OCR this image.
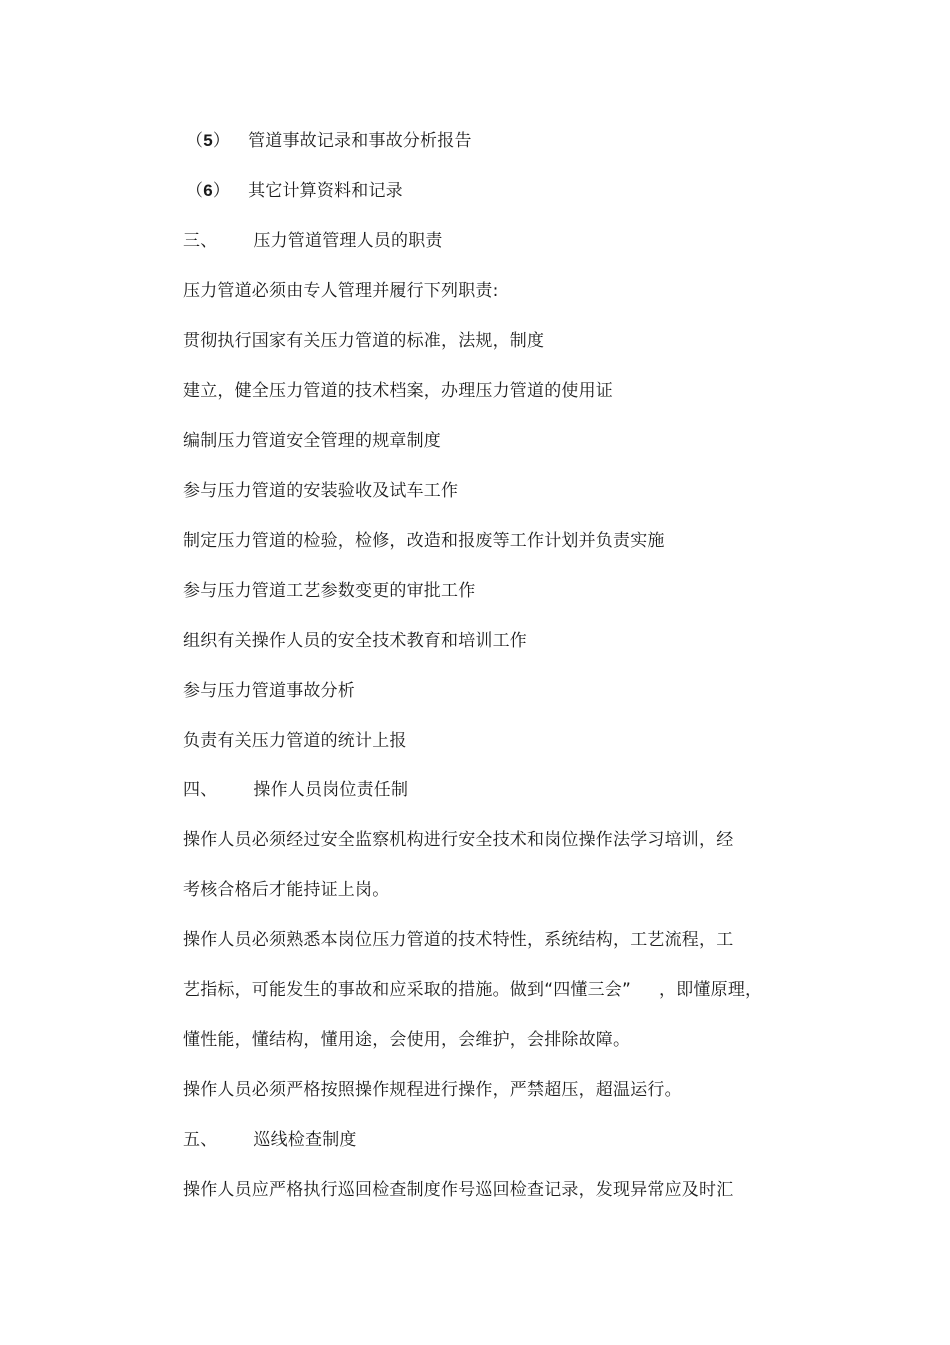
（5） 管道事故记录和事故分析报告
（6） 其它计算资料和记录
三、 压力管道管理人员的职责
压力管道必须由专人管理并履行下列职责:
贯彻执行国家有关压力管道的标准，法规，制度
建立，健全压力管道的技术档案，办理压力管道的使用证
编制压力管道安全管理的规章制度
参与压力管道的安装验收及试车工作
制定压力管道的检验，检修，改造和报废等工作计划并负责实施
参与压力管道工艺参数变更的审批工作
组织有关操作人员的安全技术教育和培训工作
参与压力管道事故分析
负责有关压力管道的统计上报
四、 操作人员岗位责任制
操作人员必须经过安全监察机构进行安全技术和岗位操作法学习培训，经
考核合格后才能持证上岗。
操作人员必须熟悉本岗位压力管道的技术特性，系统结构，工艺流程，工
艺指标，可能发生的事故和应采取的措施。做到“四懂三会” ，即懂原理，
懂性能，懂结构，懂用途，会使用，会维护，会排除故障。
操作人员必须严格按照操作规程进行操作，严禁超压，超温运行。
五、 巡线检查制度
操作人员应严格执行巡回检查制度作号巡回检查记录，发现异常应及时汇
